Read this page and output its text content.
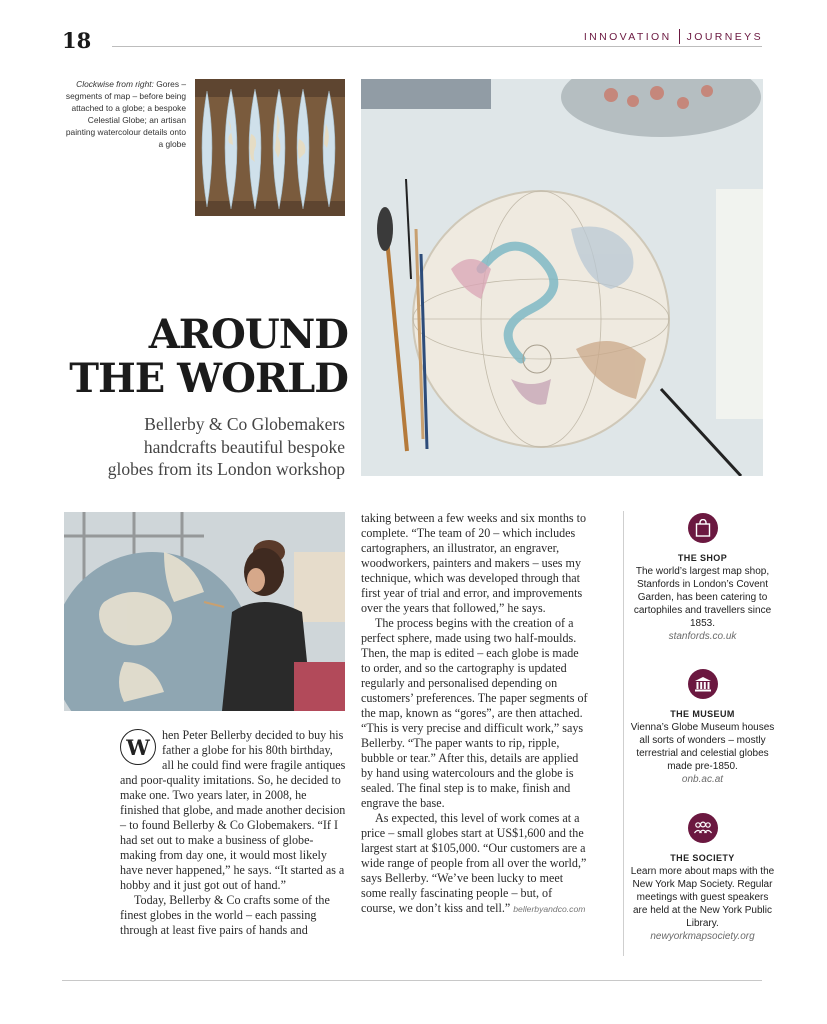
18	INNOVATION JOURNEYS
Clockwise from right: Gores – segments of map – before being attached to a globe; a bespoke Celestial Globe; an artisan painting watercolour details onto a globe
AROUND
THE WORLD
Bellerby & Co Globemakers
handcrafts beautiful bespoke
globes from its London workshop
W	hen Peter Bellerby decided to buy his father a globe for his 80th birthday, all he could find were fragile antiques and poor-quality imitations. So, he decided to make one. Two years later, in 2008, he finished that globe, and made another decision – to found Bellerby & Co Globemakers. “If I had set out to make a business of globe-making from day one, it would most likely have never happened,” he says. “It started as a hobby and it just got out of hand.”

Today, Bellerby & Co crafts some of the finest globes in the world – each passing through at least five pairs of hands and

taking between a few weeks and six months to complete. “The team of 20 – which includes cartographers, an illustrator, an engraver, woodworkers, painters and makers – uses my technique, which was developed through that first year of trial and error, and improvements over the years that followed,” he says.

The process begins with the creation of a perfect sphere, made using two half-moulds. Then, the map is edited – each globe is made to order, and so the cartography is updated regularly and personalised depending on customers’ preferences. The paper segments of the map, known as “gores”, are then attached. “This is very precise and difficult work,” says Bellerby. “The paper wants to rip, ripple, bubble or tear.” After this, details are applied by hand using watercolours and the globe is sealed. The final step is to make, finish and engrave the base.

As expected, this level of work comes at a price – small globes start at US$1,600 and the largest start at $105,000. “Our customers are a wide range of people from all over the world,” says Bellerby. “We’ve been lucky to meet some really fascinating people – but, of course, we don’t kiss and tell.” bellerbyandco.com

THE SHOP
The world’s largest map shop, Stanfords in London’s Covent Garden, has been catering to cartophiles and travellers since 1853.
stanfords.co.uk
THE MUSEUM
Vienna’s Globe Museum houses all sorts of wonders – mostly terrestrial and celestial globes made pre-1850.
onb.ac.at
THE SOCIETY
Learn more about maps with the New York Map Society. Regular meetings with guest speakers are held at the New York Public Library.
newyorkmapsociety.org
